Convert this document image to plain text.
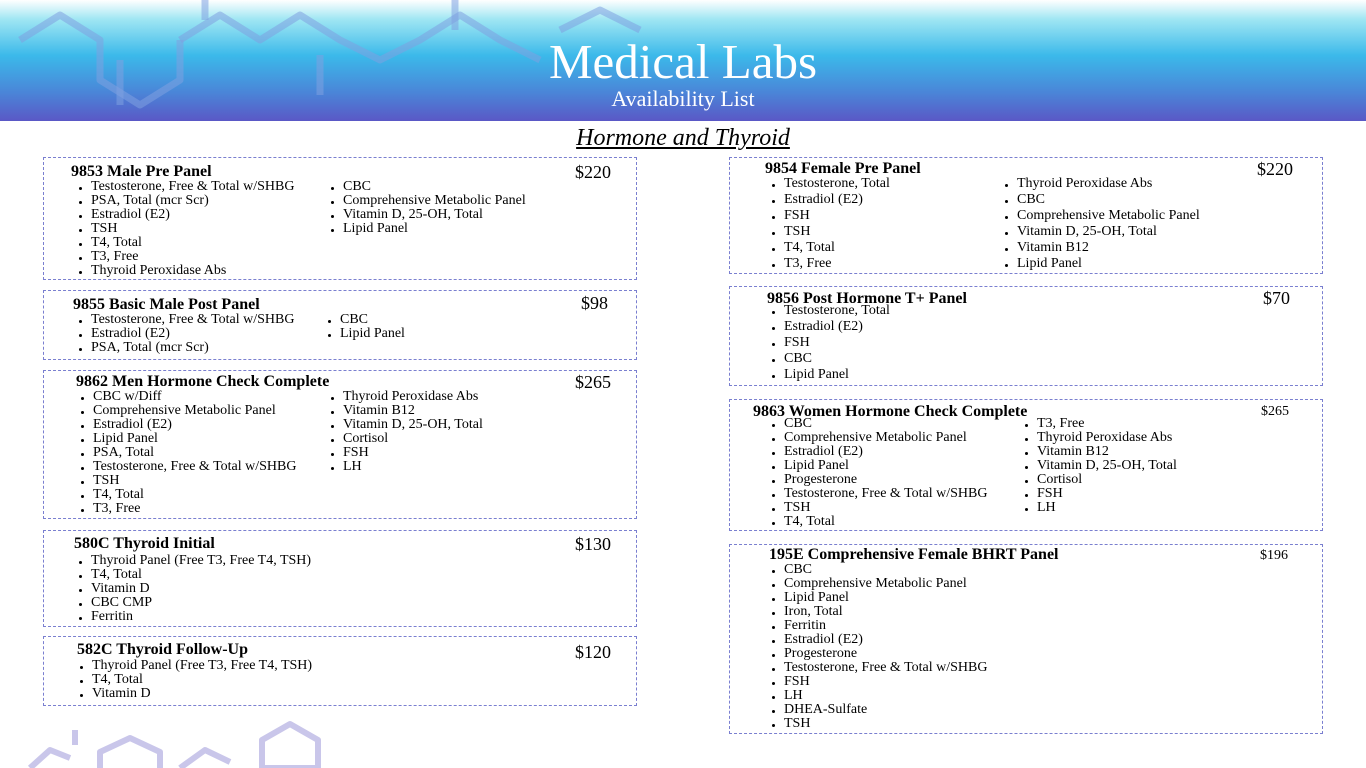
Medical Labs
Availability List
Hormone and Thyroid
9853 Male Pre Panel	$220
Testosterone, Free & Total w/SHBG
PSA, Total (mcr Scr)
Estradiol (E2)
TSH
T4, Total
T3, Free
Thyroid Peroxidase Abs
CBC
Comprehensive Metabolic Panel
Vitamin D, 25-OH, Total
Lipid Panel
9855 Basic Male Post Panel	$98
Testosterone, Free & Total w/SHBG
Estradiol (E2)
PSA, Total (mcr Scr)
CBC
Lipid Panel
9862 Men Hormone Check Complete	$265
CBC w/Diff
Comprehensive Metabolic Panel
Estradiol (E2)
Lipid Panel
PSA, Total
Testosterone, Free & Total w/SHBG
TSH
T4, Total
T3, Free
Thyroid Peroxidase Abs
Vitamin B12
Vitamin D, 25-OH, Total
Cortisol
FSH
LH
580C Thyroid Initial	$130
Thyroid Panel (Free T3, Free T4, TSH)
T4, Total
Vitamin D
CBC CMP
Ferritin
582C Thyroid Follow-Up	$120
Thyroid Panel (Free T3, Free T4, TSH)
T4, Total
Vitamin D
9854 Female Pre Panel	$220
Testosterone, Total
Estradiol (E2)
FSH
TSH
T4, Total
T3, Free
Thyroid Peroxidase Abs
CBC
Comprehensive Metabolic Panel
Vitamin D, 25-OH, Total
Vitamin B12
Lipid Panel
9856 Post Hormone T+ Panel	$70
Testosterone, Total
Estradiol (E2)
FSH
CBC
Lipid Panel
9863 Women Hormone Check Complete	$265
CBC
Comprehensive Metabolic Panel
Estradiol (E2)
Lipid Panel
Progesterone
Testosterone, Free & Total w/SHBG
TSH
T4, Total
T3, Free
Thyroid Peroxidase Abs
Vitamin B12
Vitamin D, 25-OH, Total
Cortisol
FSH
LH
195E Comprehensive Female BHRT Panel	$196
CBC
Comprehensive Metabolic Panel
Lipid Panel
Iron, Total
Ferritin
Estradiol (E2)
Progesterone
Testosterone, Free & Total w/SHBG
FSH
LH
DHEA-Sulfate
TSH
